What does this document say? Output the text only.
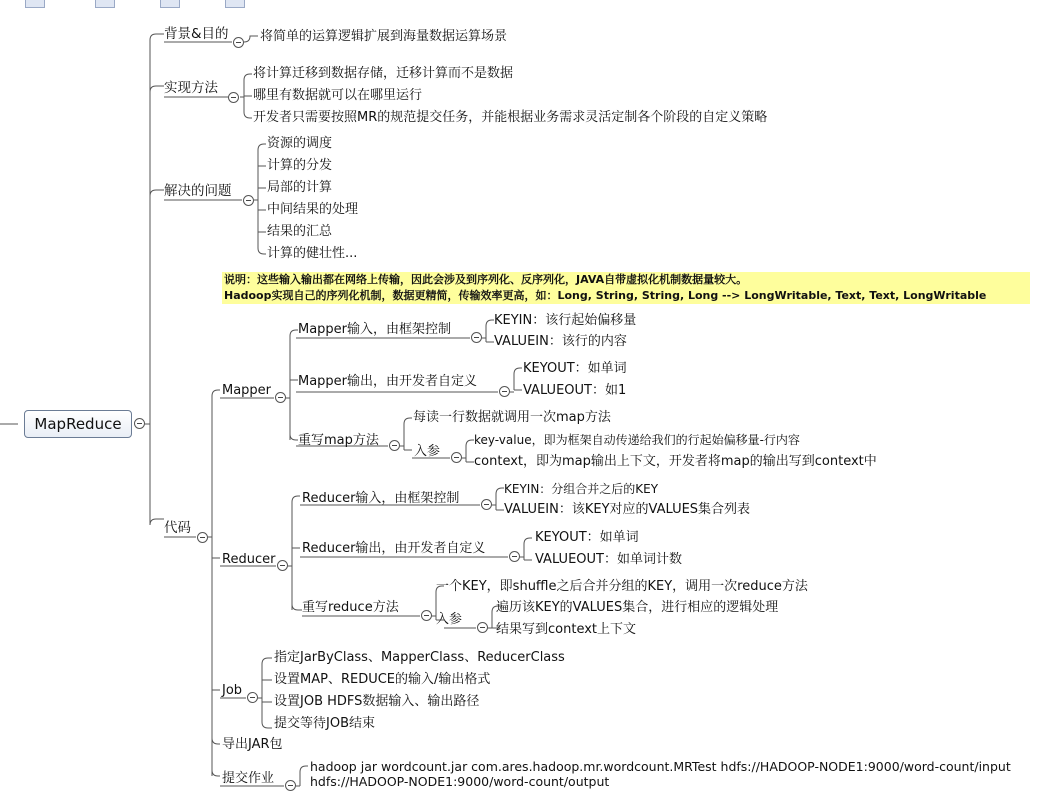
MapReduce
背景&目的 将简单的运算逻辑扩展到海量数据运算场景
实现方法
将计算迁移到数据存储，迁移计算而不是数据
哪里有数据就可以在哪里运行
开发者只需要按照MR的规范提交任务，并能根据业务需求灵活定制各个阶段的自定义策略
解决的问题
资源的调度
计算的分发
局部的计算
中间结果的处理
结果的汇总
计算的健壮性...
说明：这些输入输出都在网络上传输，因此会涉及到序列化、反序列化，JAVA自带虚拟化机制数据量较大。
Hadoop实现自己的序列化机制，数据更精简，传输效率更高，如：Long, String, String, Long --> LongWritable, Text, Text, LongWritable
代码
Mapper
Mapper输入，由框架控制
KEYIN：该行起始偏移量
VALUEIN：该行的内容
Mapper输出，由开发者自定义
KEYOUT：如单词
VALUEOUT：如1
重写map方法
每读一行数据就调用一次map方法
入参
key-value，即为框架自动传递给我们的行起始偏移量-行内容
context，即为map输出上下文，开发者将map的输出写到context中
Reducer
Reducer输入，由框架控制
KEYIN：分组合并之后的KEY
VALUEIN：该KEY对应的VALUES集合列表
Reducer输出，由开发者自定义
KEYOUT：如单词
VALUEOUT：如单词计数
重写reduce方法
一个KEY，即shuffle之后合并分组的KEY，调用一次reduce方法
入参
遍历该KEY的VALUES集合，进行相应的逻辑处理
结果写到context上下文
Job
指定JarByClass、MapperClass、ReducerClass
设置MAP、REDUCE的输入/输出格式
设置JOB HDFS数据输入、输出路径
提交等待JOB结束
导出JAR包
提交作业
hadoop jar wordcount.jar com.ares.hadoop.mr.wordcount.MRTest hdfs://HADOOP-NODE1:9000/word-count/input
hdfs://HADOOP-NODE1:9000/word-count/output
